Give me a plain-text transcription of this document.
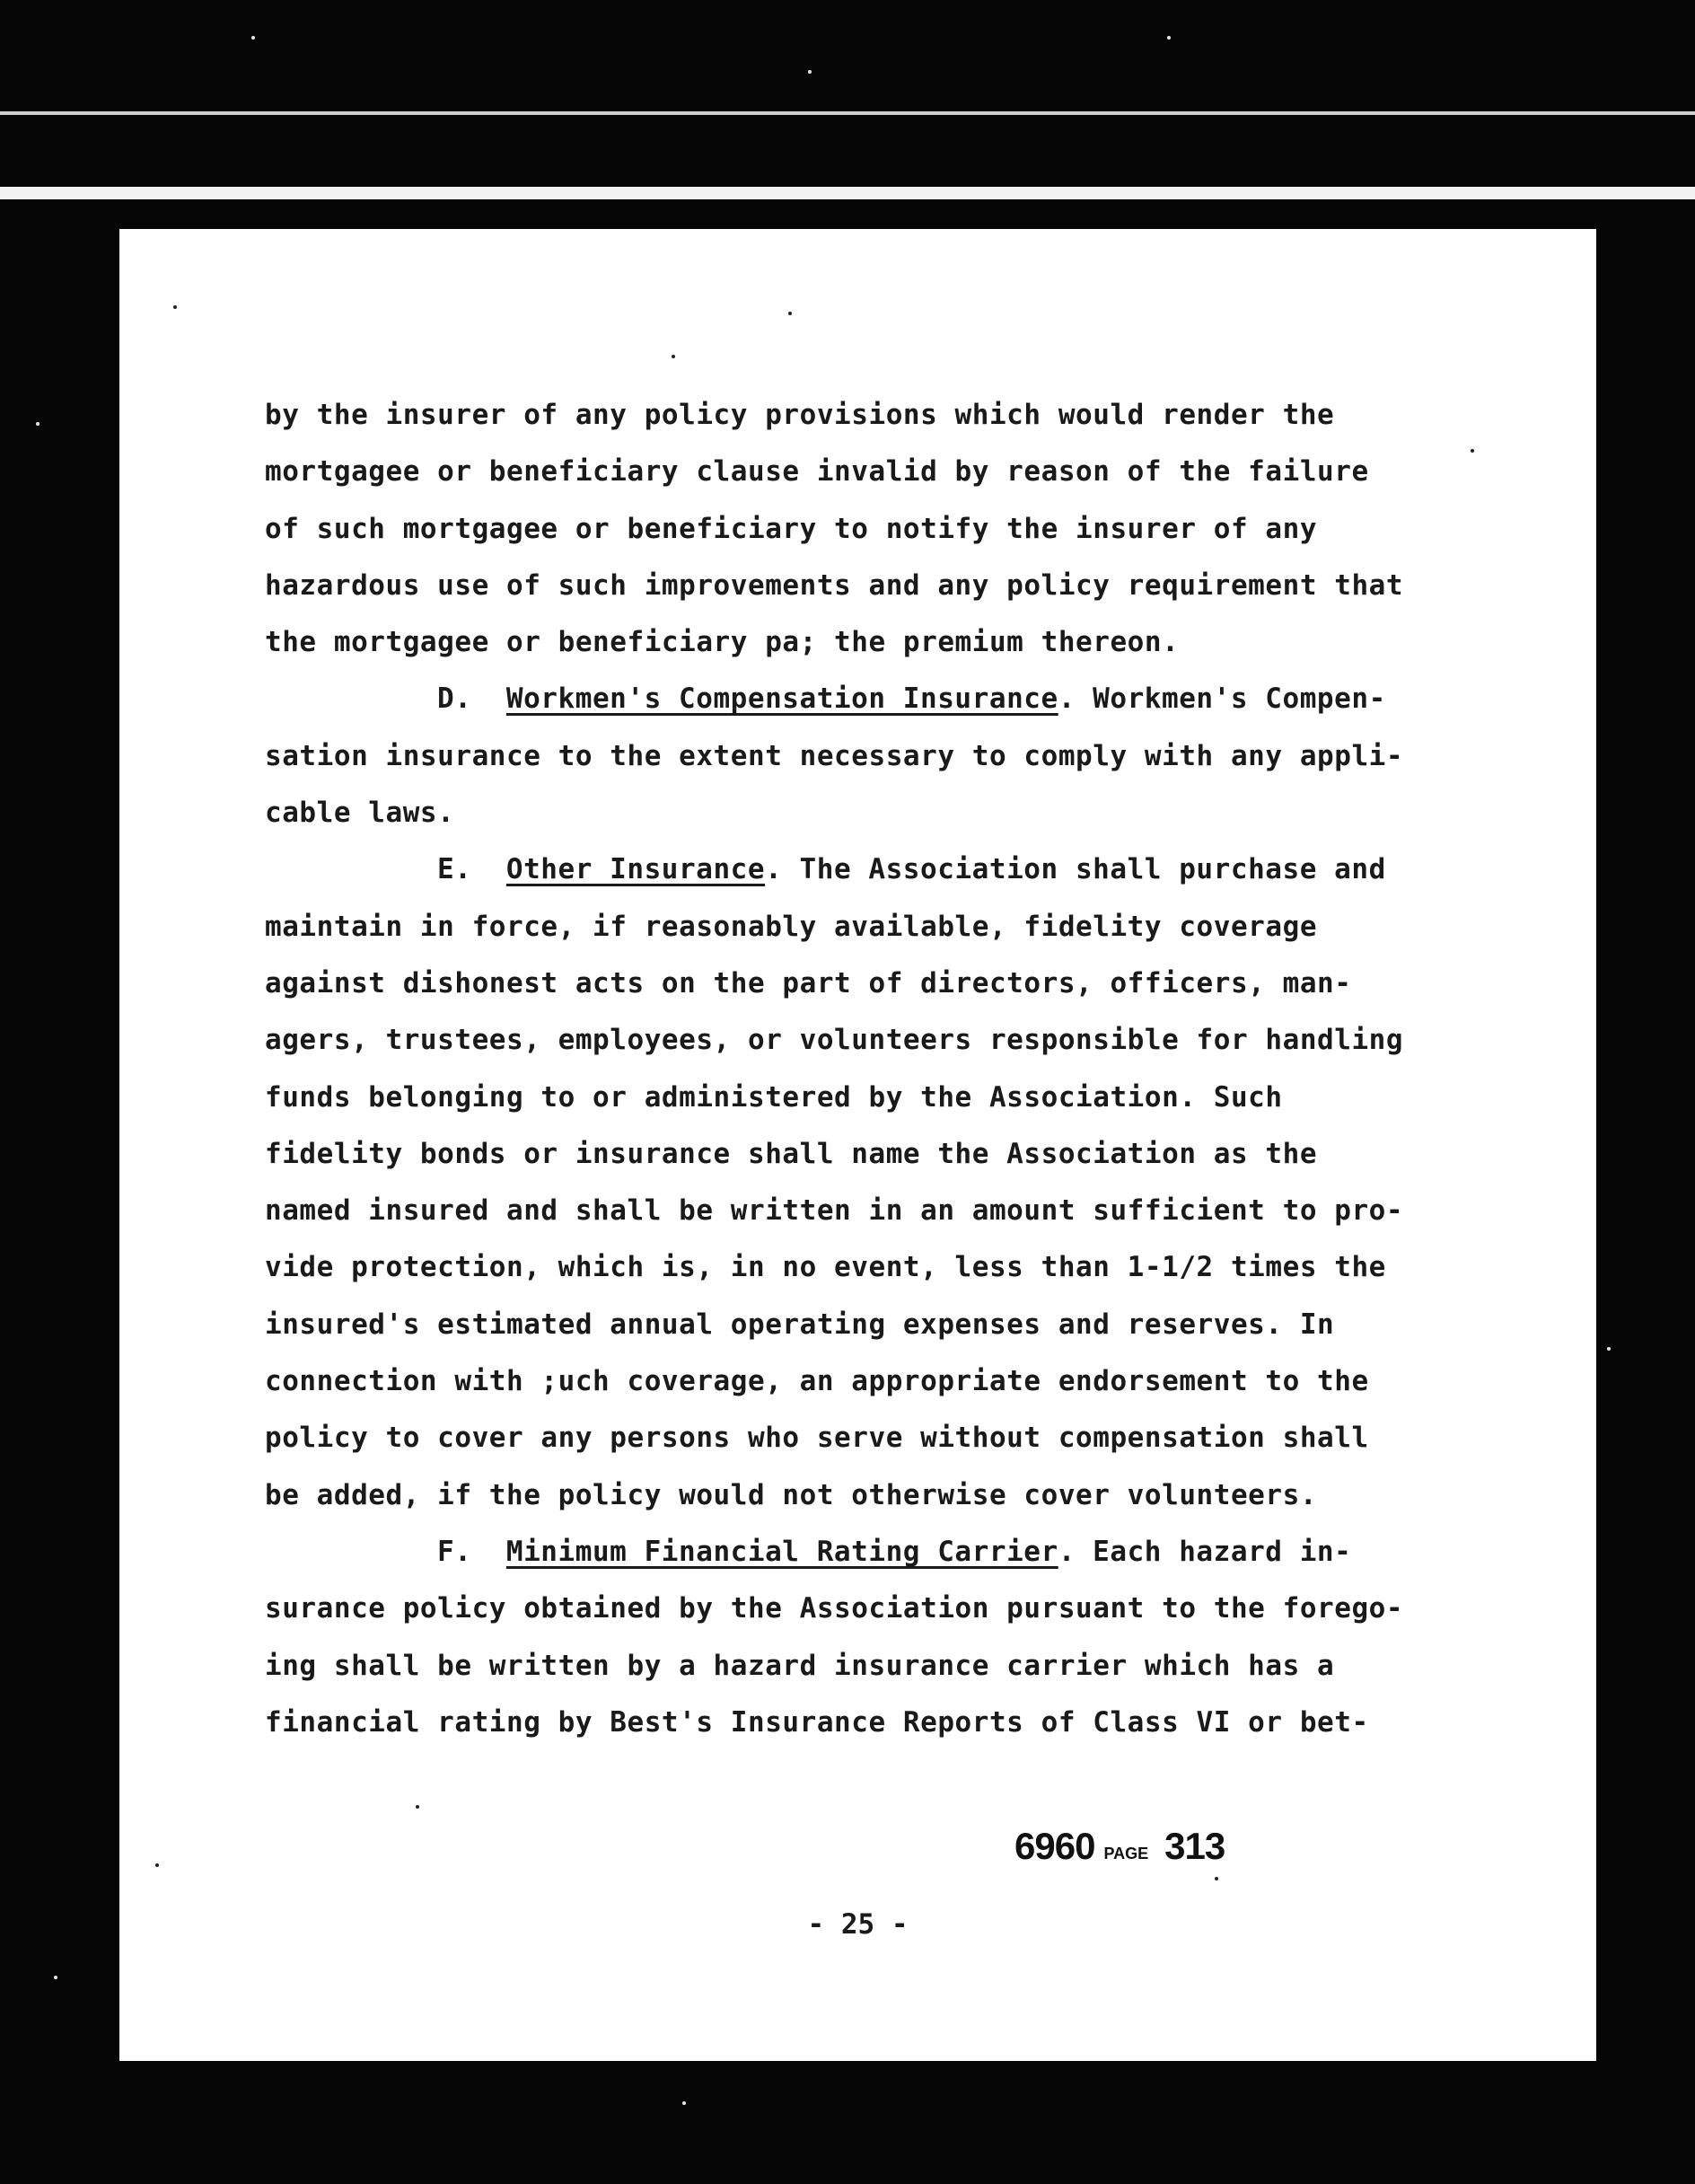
by the insurer of any policy provisions which would render the
mortgagee or beneficiary clause invalid by reason of the failure
of such mortgagee or beneficiary to notify the insurer of any
hazardous use of such improvements and any policy requirement that
the mortgagee or beneficiary pa; the premium thereon.
D. Workmen's Compensation Insurance. Workmen's Compen-
sation insurance to the extent necessary to comply with any appli-
cable laws.
E. Other Insurance. The Association shall purchase and
maintain in force, if reasonably available, fidelity coverage
against dishonest acts on the part of directors, officers, man-
agers, trustees, employees, or volunteers responsible for handling
funds belonging to or administered by the Association. Such
fidelity bonds or insurance shall name the Association as the
named insured and shall be written in an amount sufficient to pro-
vide protection, which is, in no event, less than 1-1/2 times the
insured's estimated annual operating expenses and reserves. In
connection with ;uch coverage, an appropriate endorsement to the
policy to cover any persons who serve without compensation shall
be added, if the policy would not otherwise cover volunteers.
F. Minimum Financial Rating Carrier. Each hazard in-
surance policy obtained by the Association pursuant to the forego-
ing shall be written by a hazard insurance carrier which has a
financial rating by Best's Insurance Reports of Class VI or bet-
6960 PAGE 313
- 25 -
